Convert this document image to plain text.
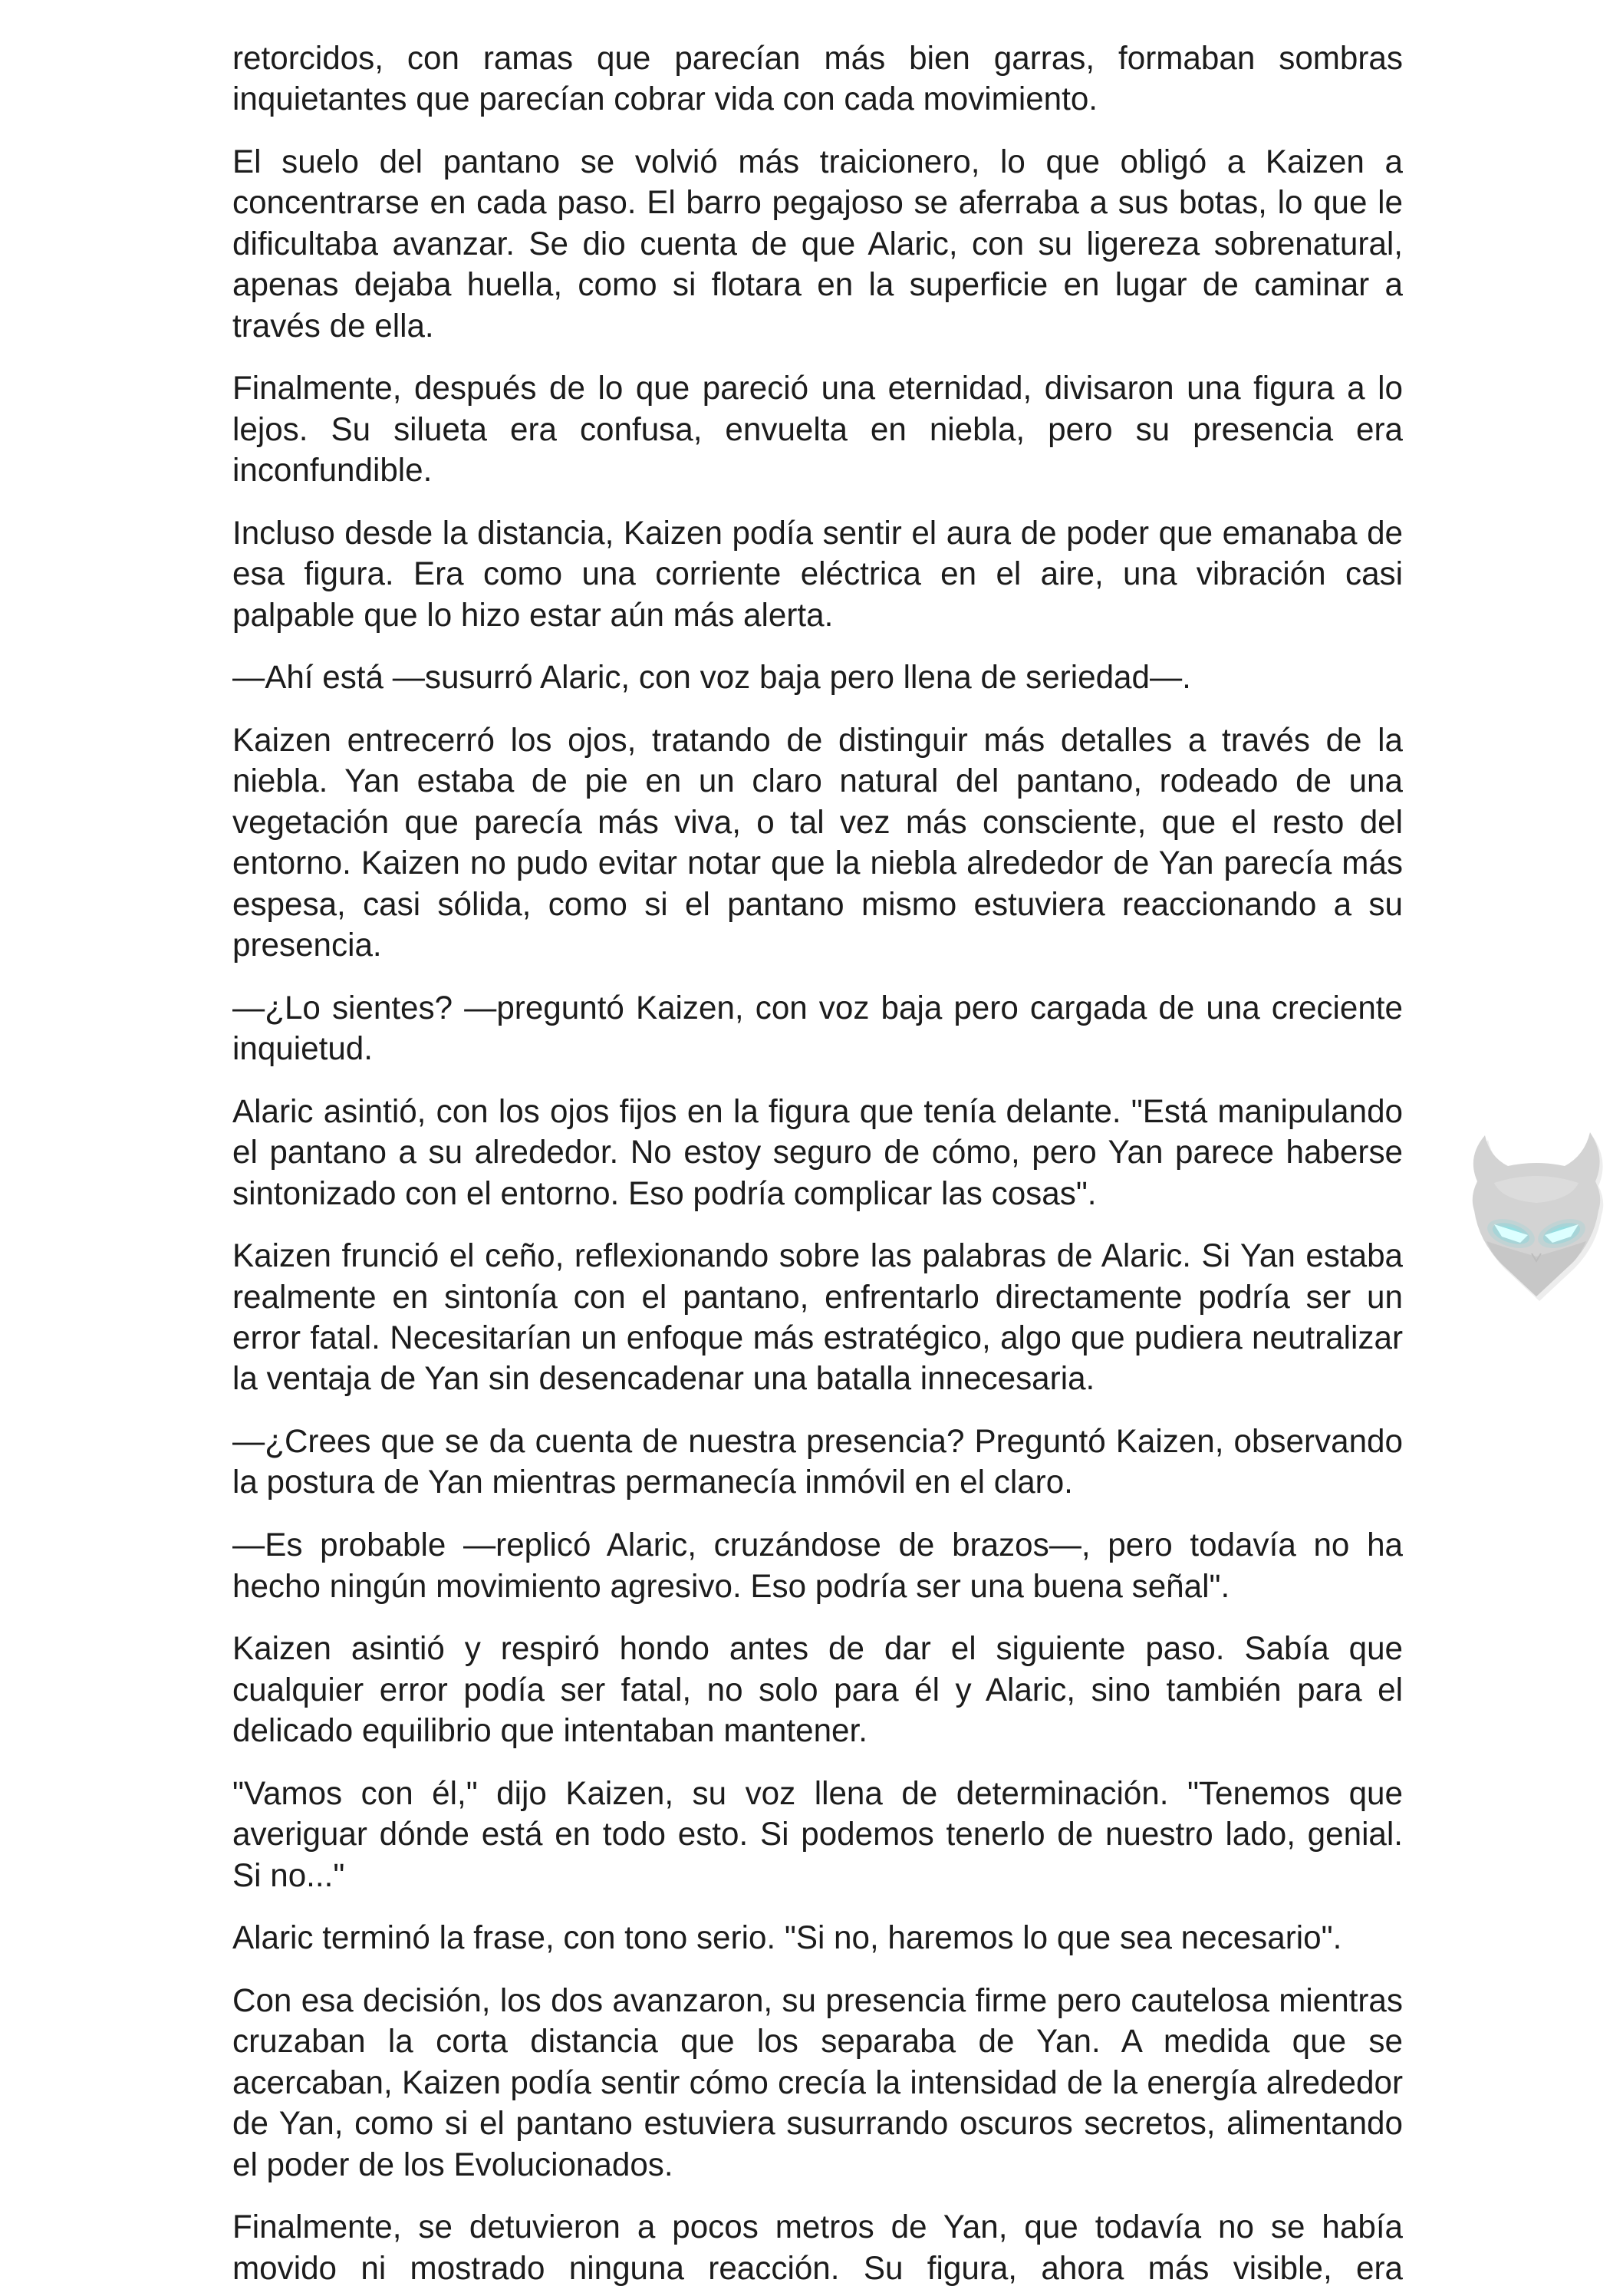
retorcidos, con ramas que parecían más bien garras, formaban sombras
inquietantes que parecían cobrar vida con cada movimiento.
El suelo del pantano se volvió más traicionero, lo que obligó a Kaizen a
concentrarse en cada paso. El barro pegajoso se aferraba a sus botas, lo que le
dificultaba avanzar. Se dio cuenta de que Alaric, con su ligereza sobrenatural,
apenas dejaba huella, como si flotara en la superficie en lugar de caminar a
través de ella.
Finalmente, después de lo que pareció una eternidad, divisaron una figura a lo
lejos. Su silueta era confusa, envuelta en niebla, pero su presencia era
inconfundible.
Incluso desde la distancia, Kaizen podía sentir el aura de poder que emanaba de
esa figura. Era como una corriente eléctrica en el aire, una vibración casi
palpable que lo hizo estar aún más alerta.
—Ahí está —susurró Alaric, con voz baja pero llena de seriedad—.
Kaizen entrecerró los ojos, tratando de distinguir más detalles a través de la
niebla. Yan estaba de pie en un claro natural del pantano, rodeado de una
vegetación que parecía más viva, o tal vez más consciente, que el resto del
entorno. Kaizen no pudo evitar notar que la niebla alrededor de Yan parecía más
espesa, casi sólida, como si el pantano mismo estuviera reaccionando a su
presencia.
—¿Lo sientes? —preguntó Kaizen, con voz baja pero cargada de una creciente
inquietud.
Alaric asintió, con los ojos fijos en la figura que tenía delante. "Está manipulando
el pantano a su alrededor. No estoy seguro de cómo, pero Yan parece haberse
sintonizado con el entorno. Eso podría complicar las cosas".
Kaizen frunció el ceño, reflexionando sobre las palabras de Alaric. Si Yan estaba
realmente en sintonía con el pantano, enfrentarlo directamente podría ser un
error fatal. Necesitarían un enfoque más estratégico, algo que pudiera neutralizar
la ventaja de Yan sin desencadenar una batalla innecesaria.
—¿Crees que se da cuenta de nuestra presencia? Preguntó Kaizen, observando
la postura de Yan mientras permanecía inmóvil en el claro.
—Es probable —replicó Alaric, cruzándose de brazos—, pero todavía no ha
hecho ningún movimiento agresivo. Eso podría ser una buena señal".
Kaizen asintió y respiró hondo antes de dar el siguiente paso. Sabía que
cualquier error podía ser fatal, no solo para él y Alaric, sino también para el
delicado equilibrio que intentaban mantener.
"Vamos con él," dijo Kaizen, su voz llena de determinación. "Tenemos que
averiguar dónde está en todo esto. Si podemos tenerlo de nuestro lado, genial.
Si no..."
Alaric terminó la frase, con tono serio. "Si no, haremos lo que sea necesario".
Con esa decisión, los dos avanzaron, su presencia firme pero cautelosa mientras
cruzaban la corta distancia que los separaba de Yan. A medida que se
acercaban, Kaizen podía sentir cómo crecía la intensidad de la energía alrededor
de Yan, como si el pantano estuviera susurrando oscuros secretos, alimentando
el poder de los Evolucionados.
Finalmente, se detuvieron a pocos metros de Yan, que todavía no se había
movido ni mostrado ninguna reacción. Su figura, ahora más visible, era
